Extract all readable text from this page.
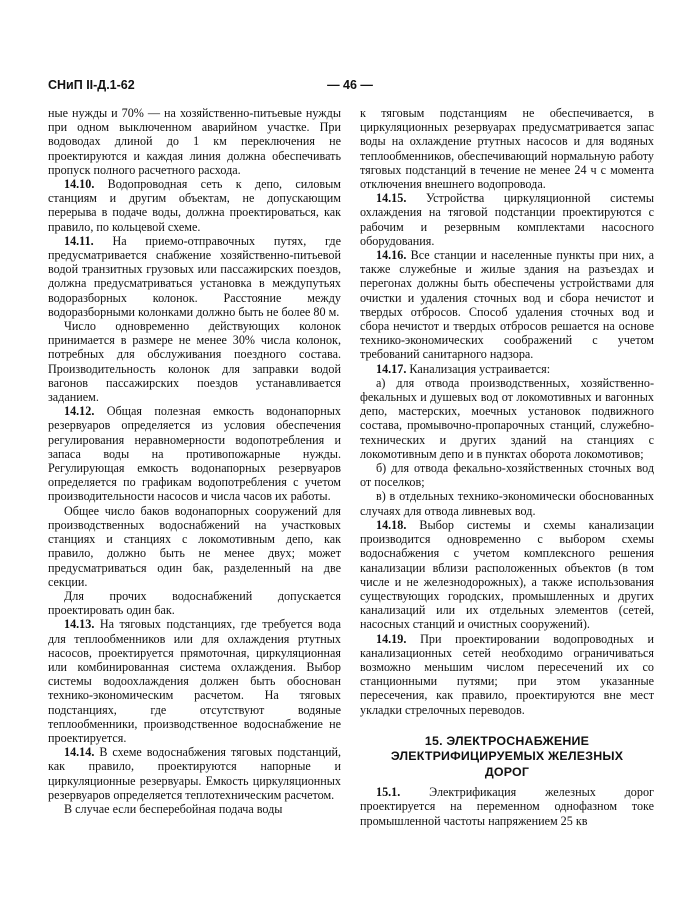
СНиП II-Д.1-62	— 46 —

ные нужды и 70% — на хозяйственно-питьевые нужды при одном выключенном аварийном участке. При водоводах длиной до 1 км переключения не проектируются и каждая линия должна обеспечивать пропуск полного расчетного расхода.

14.10. Водопроводная сеть к депо, силовым станциям и другим объектам, не допускающим перерыва в подаче воды, должна проектироваться, как правило, по кольцевой схеме.

14.11. На приемо-отправочных путях, где предусматривается снабжение хозяйственно-питьевой водой транзитных грузовых или пассажирских поездов, должна предусматриваться установка в междупутьях водоразборных колонок. Расстояние между водоразборными колонками должно быть не более 80 м.

Число одновременно действующих колонок принимается в размере не менее 30% числа колонок, потребных для обслуживания поездного состава. Производительность колонок для заправки водой вагонов пассажирских поездов устанавливается заданием.

14.12. Общая полезная емкость водонапорных резервуаров определяется из условия обеспечения регулирования неравномерности водопотребления и запаса воды на противопожарные нужды. Регулирующая емкость водонапорных резервуаров определяется по графикам водопотребления с учетом производительности насосов и числа часов их работы.

Общее число баков водонапорных сооружений для производственных водоснабжений на участковых станциях и станциях с локомотивным депо, как правило, должно быть не менее двух; может предусматриваться один бак, разделенный на две секции.

Для прочих водоснабжений допускается проектировать один бак.

14.13. На тяговых подстанциях, где требуется вода для теплообменников или для охлаждения ртутных насосов, проектируется прямоточная, циркуляционная или комбинированная система охлаждения. Выбор системы водоохлаждения должен быть обоснован технико-экономическим расчетом. На тяговых подстанциях, где отсутствуют водяные теплообменники, производственное водоснабжение не проектируется.

14.14. В схеме водоснабжения тяговых подстанций, как правило, проектируются напорные и циркуляционные резервуары. Емкость циркуляционных резервуаров определяется теплотехническим расчетом.

В случае если бесперебойная подача воды

к тяговым подстанциям не обеспечивается, в циркуляционных резервуарах предусматривается запас воды на охлаждение ртутных насосов и для водяных теплообменников, обеспечивающий нормальную работу тяговых подстанций в течение не менее 24 ч с момента отключения внешнего водопровода.

14.15. Устройства циркуляционной системы охлаждения на тяговой подстанции проектируются с рабочим и резервным комплектами насосного оборудования.

14.16. Все станции и населенные пункты при них, а также служебные и жилые здания на разъездах и перегонах должны быть обеспечены устройствами для очистки и удаления сточных вод и сбора нечистот и твердых отбросов. Способ удаления сточных вод и сбора нечистот и твердых отбросов решается на основе технико-экономических соображений с учетом требований санитарного надзора.

14.17. Канализация устраивается:

а) для отвода производственных, хозяйственно-фекальных и душевых вод от локомотивных и вагонных депо, мастерских, моечных установок подвижного состава, промывочно-пропарочных станций, служебно-технических и других зданий на станциях с локомотивным депо и в пунктах оборота локомотивов;

б) для отвода фекально-хозяйственных сточных вод от поселков;

в) в отдельных технико-экономически обоснованных случаях для отвода ливневых вод.

14.18. Выбор системы и схемы канализации производится одновременно с выбором схемы водоснабжения с учетом комплексного решения канализации вблизи расположенных объектов (в том числе и не железнодорожных), а также использования существующих городских, промышленных и других канализаций или их отдельных элементов (сетей, насосных станций и очистных сооружений).

14.19. При проектировании водопроводных и канализационных сетей необходимо ограничиваться возможно меньшим числом пересечений их со станционными путями; при этом указанные пересечения, как правило, проектируются вне мест укладки стрелочных переводов.

15. ЭЛЕКТРОСНАБЖЕНИЕ
ЭЛЕКТРИФИЦИРУЕМЫХ ЖЕЛЕЗНЫХ
ДОРОГ

15.1. Электрификация железных дорог проектируется на переменном однофазном токе промышленной частоты напряжением 25 кв
